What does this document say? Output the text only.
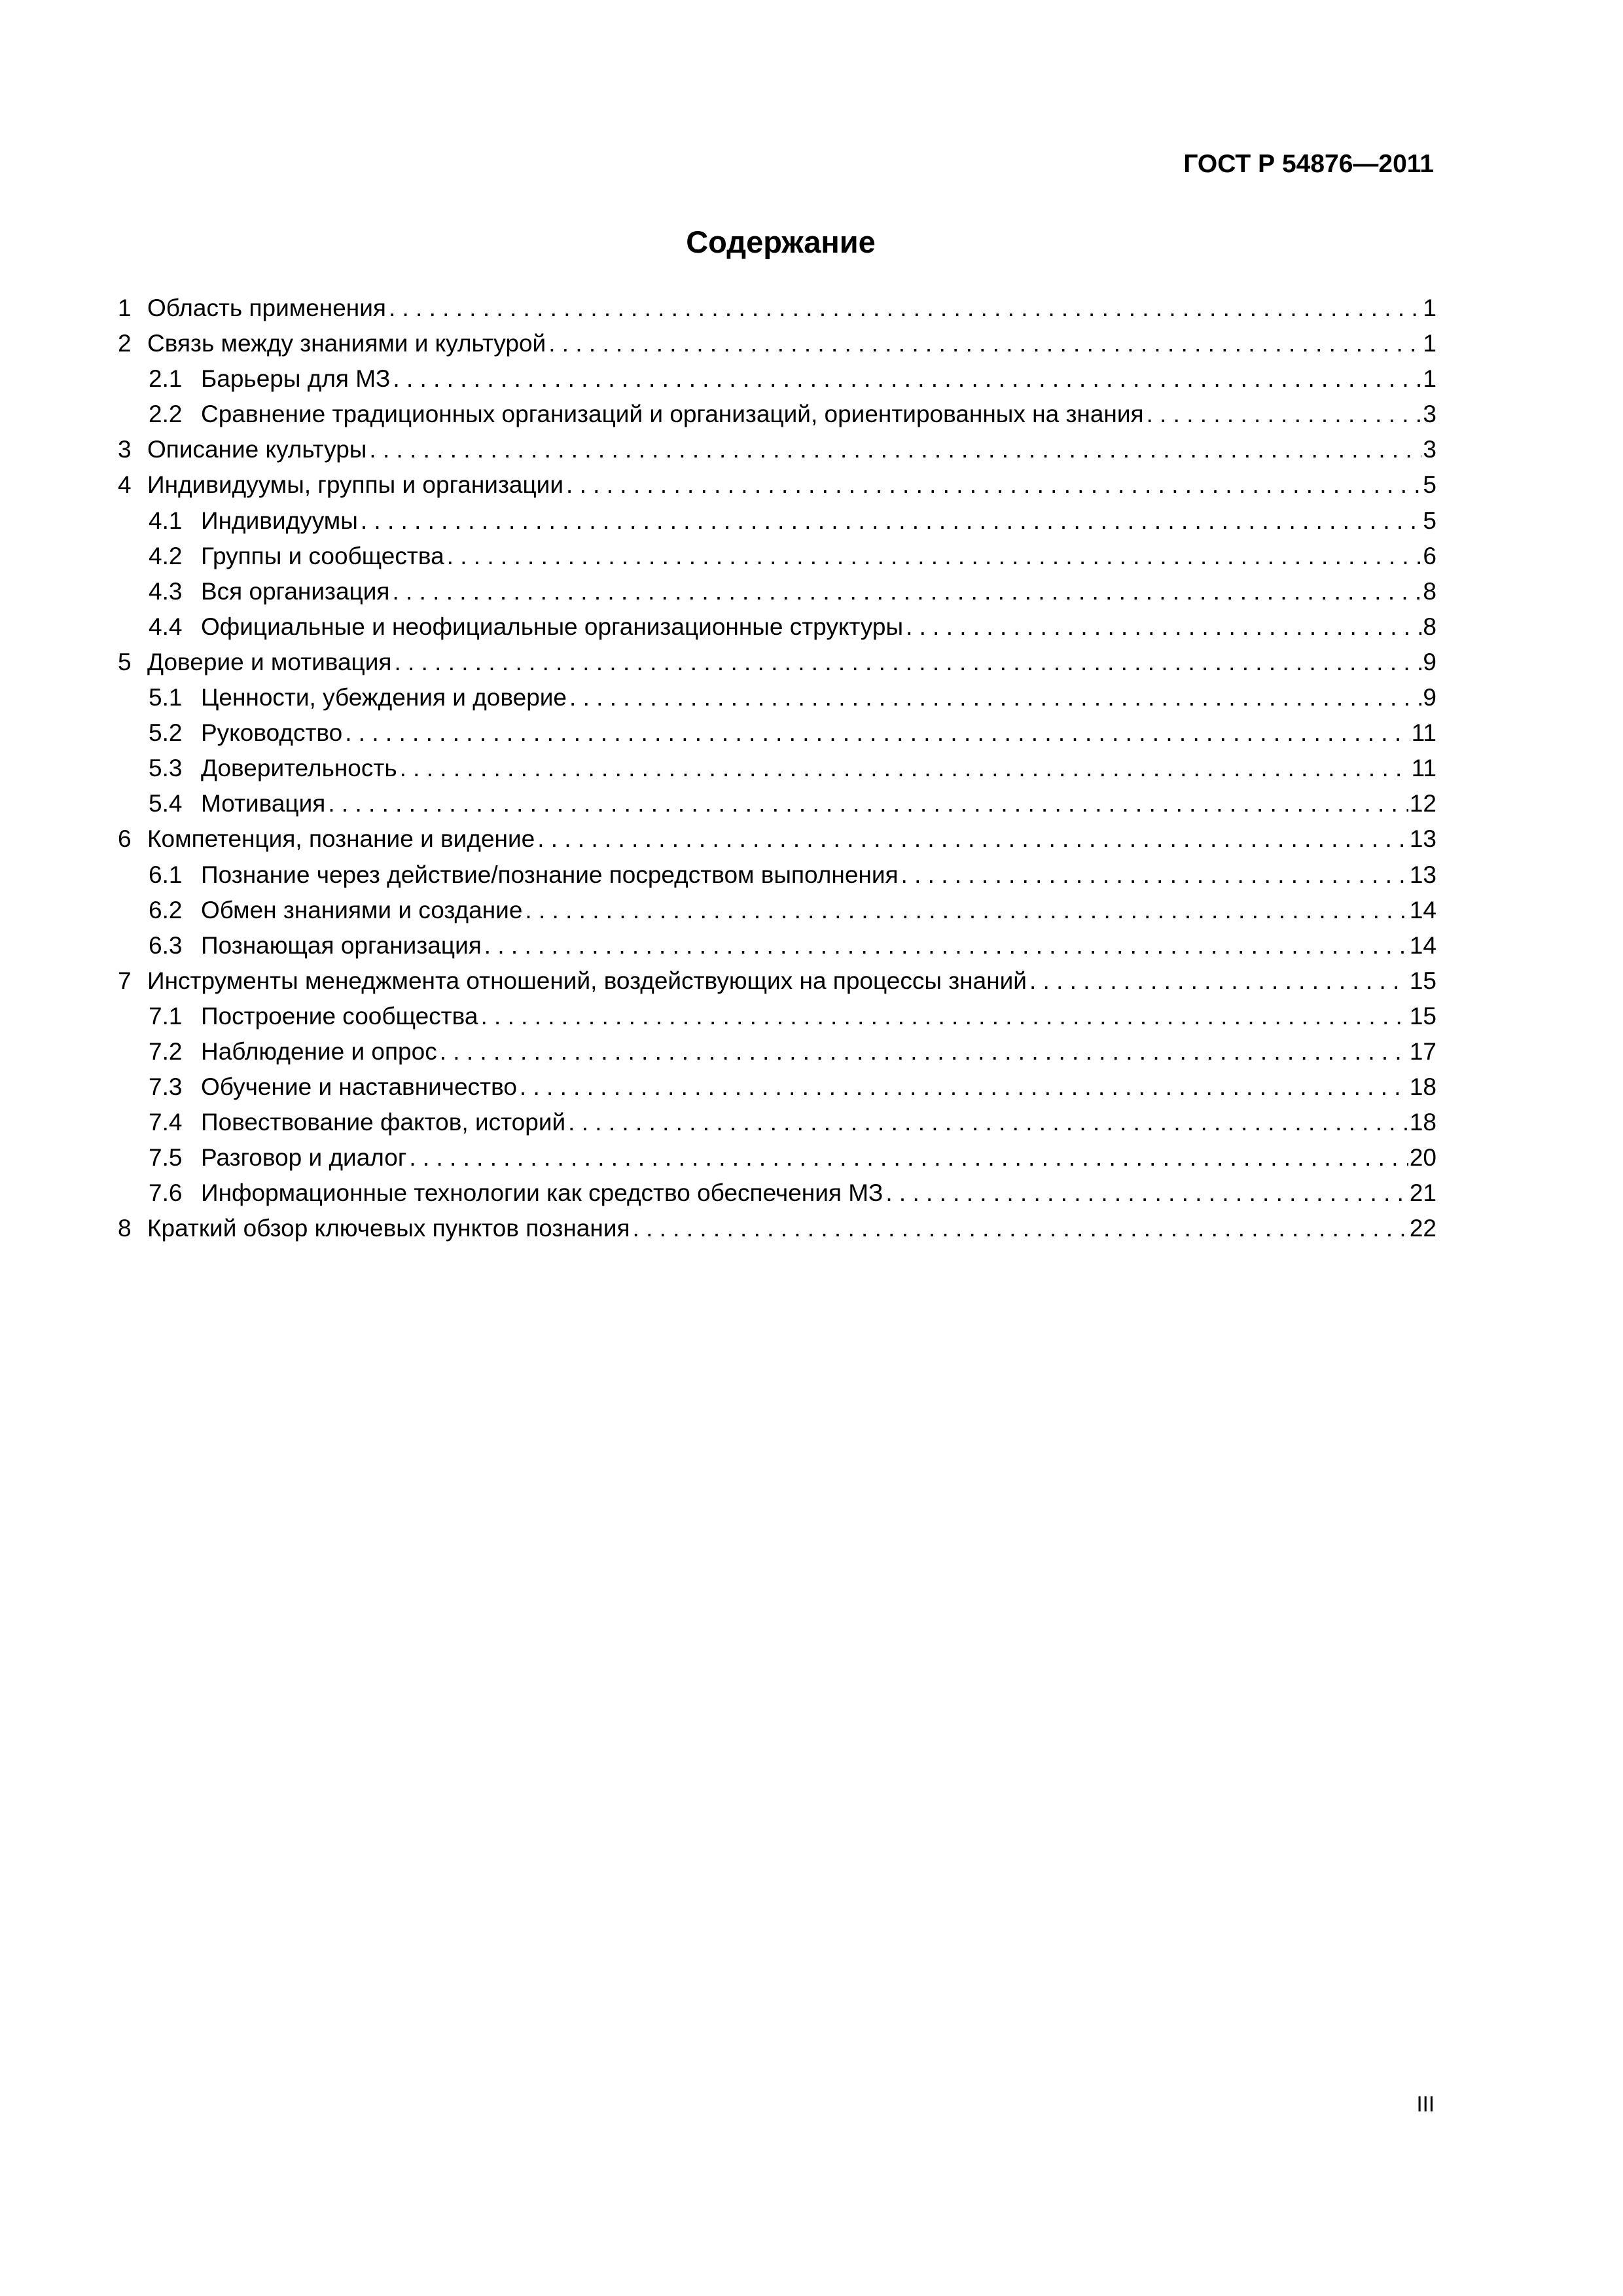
ГОСТ Р 54876—2011
Содержание
1 Область применения . . .	1
2 Связь между знаниями и культурой . . .	1
2.1 Барьеры для МЗ . . .	1
2.2 Сравнение традиционных организаций и организаций, ориентированных на знания . . .	3
3 Описание культуры . . .	3
4 Индивидуумы, группы и организации . . .	5
4.1 Индивидуумы . . .	5
4.2 Группы и сообщества . . .	6
4.3 Вся организация . . .	8
4.4 Официальные и неофициальные организационные структуры . . .	8
5 Доверие и мотивация . . .	9
5.1 Ценности, убеждения и доверие . . .	9
5.2 Руководство . . .	11
5.3 Доверительность . . .	11
5.4 Мотивация . . .	12
6 Компетенция, познание и видение . . .	13
6.1 Познание через действие/познание посредством выполнения . . .	13
6.2 Обмен знаниями и создание . . .	14
6.3 Познающая организация . . .	14
7 Инструменты менеджмента отношений, воздействующих на процессы знаний . . .	15
7.1 Построение сообщества . . .	15
7.2 Наблюдение и опрос . . .	17
7.3 Обучение и наставничество . . .	18
7.4 Повествование фактов, историй . . .	18
7.5 Разговор и диалог . . .	20
7.6 Информационные технологии как средство обеспечения МЗ . . .	21
8 Краткий обзор ключевых пунктов познания . . .	22
III
